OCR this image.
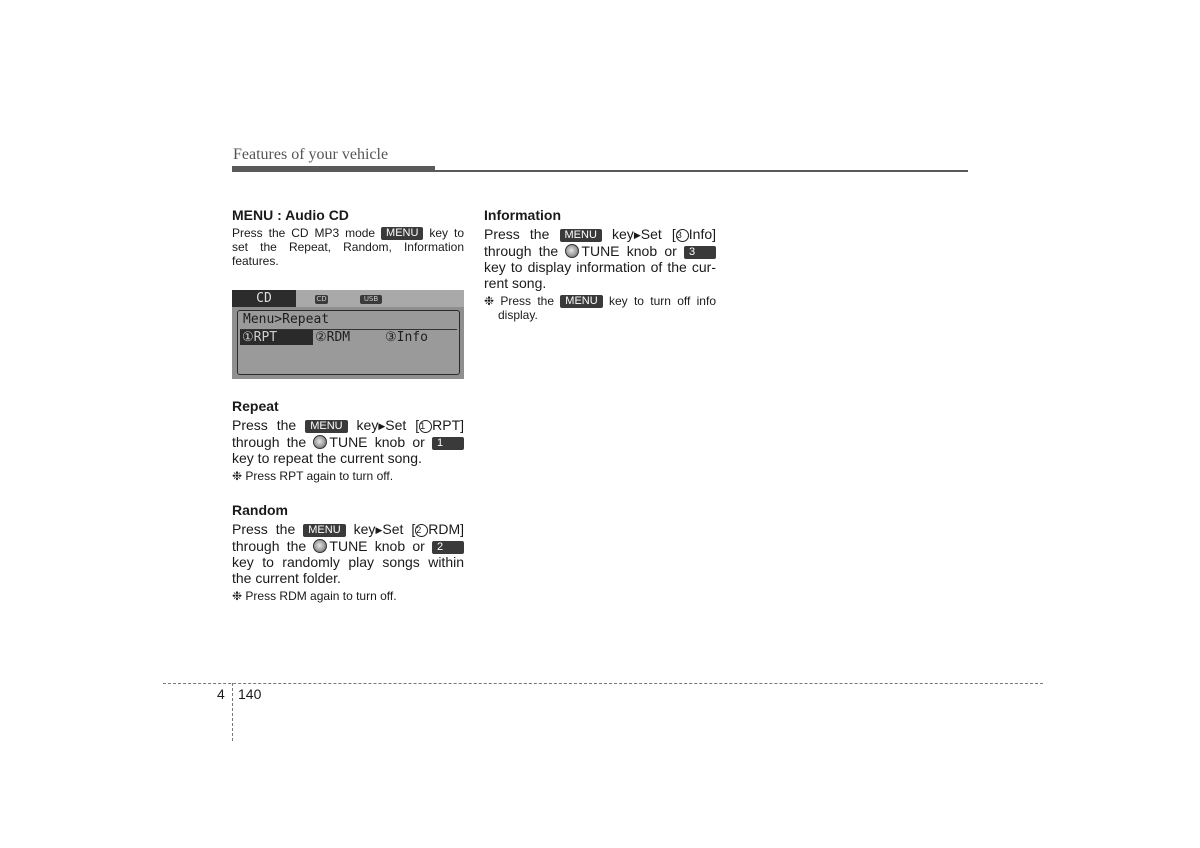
Features of your vehicle
MENU : Audio CD
Press the CD MP3 mode MENU key to
set the Repeat, Random, Information
features.
CD	CD	USB
Menu>Repeat
①RPT	②RDM	③Info
Repeat
Press the MENU key▶Set [1 RPT]
through the TUNE knob or 1
key to repeat the current song.
❉ Press RPT again to turn off.
Random
Press the MENU key▶Set [2 RDM]
through the TUNE knob or 2
key to randomly play songs within
the current folder.
❉ Press RDM again to turn off.
Information
Press the MENU key▶Set [3 Info]
through the TUNE knob or 3
key to display information of the cur-
rent song.
❉ Press the MENU key to turn off info
display.
4 140
